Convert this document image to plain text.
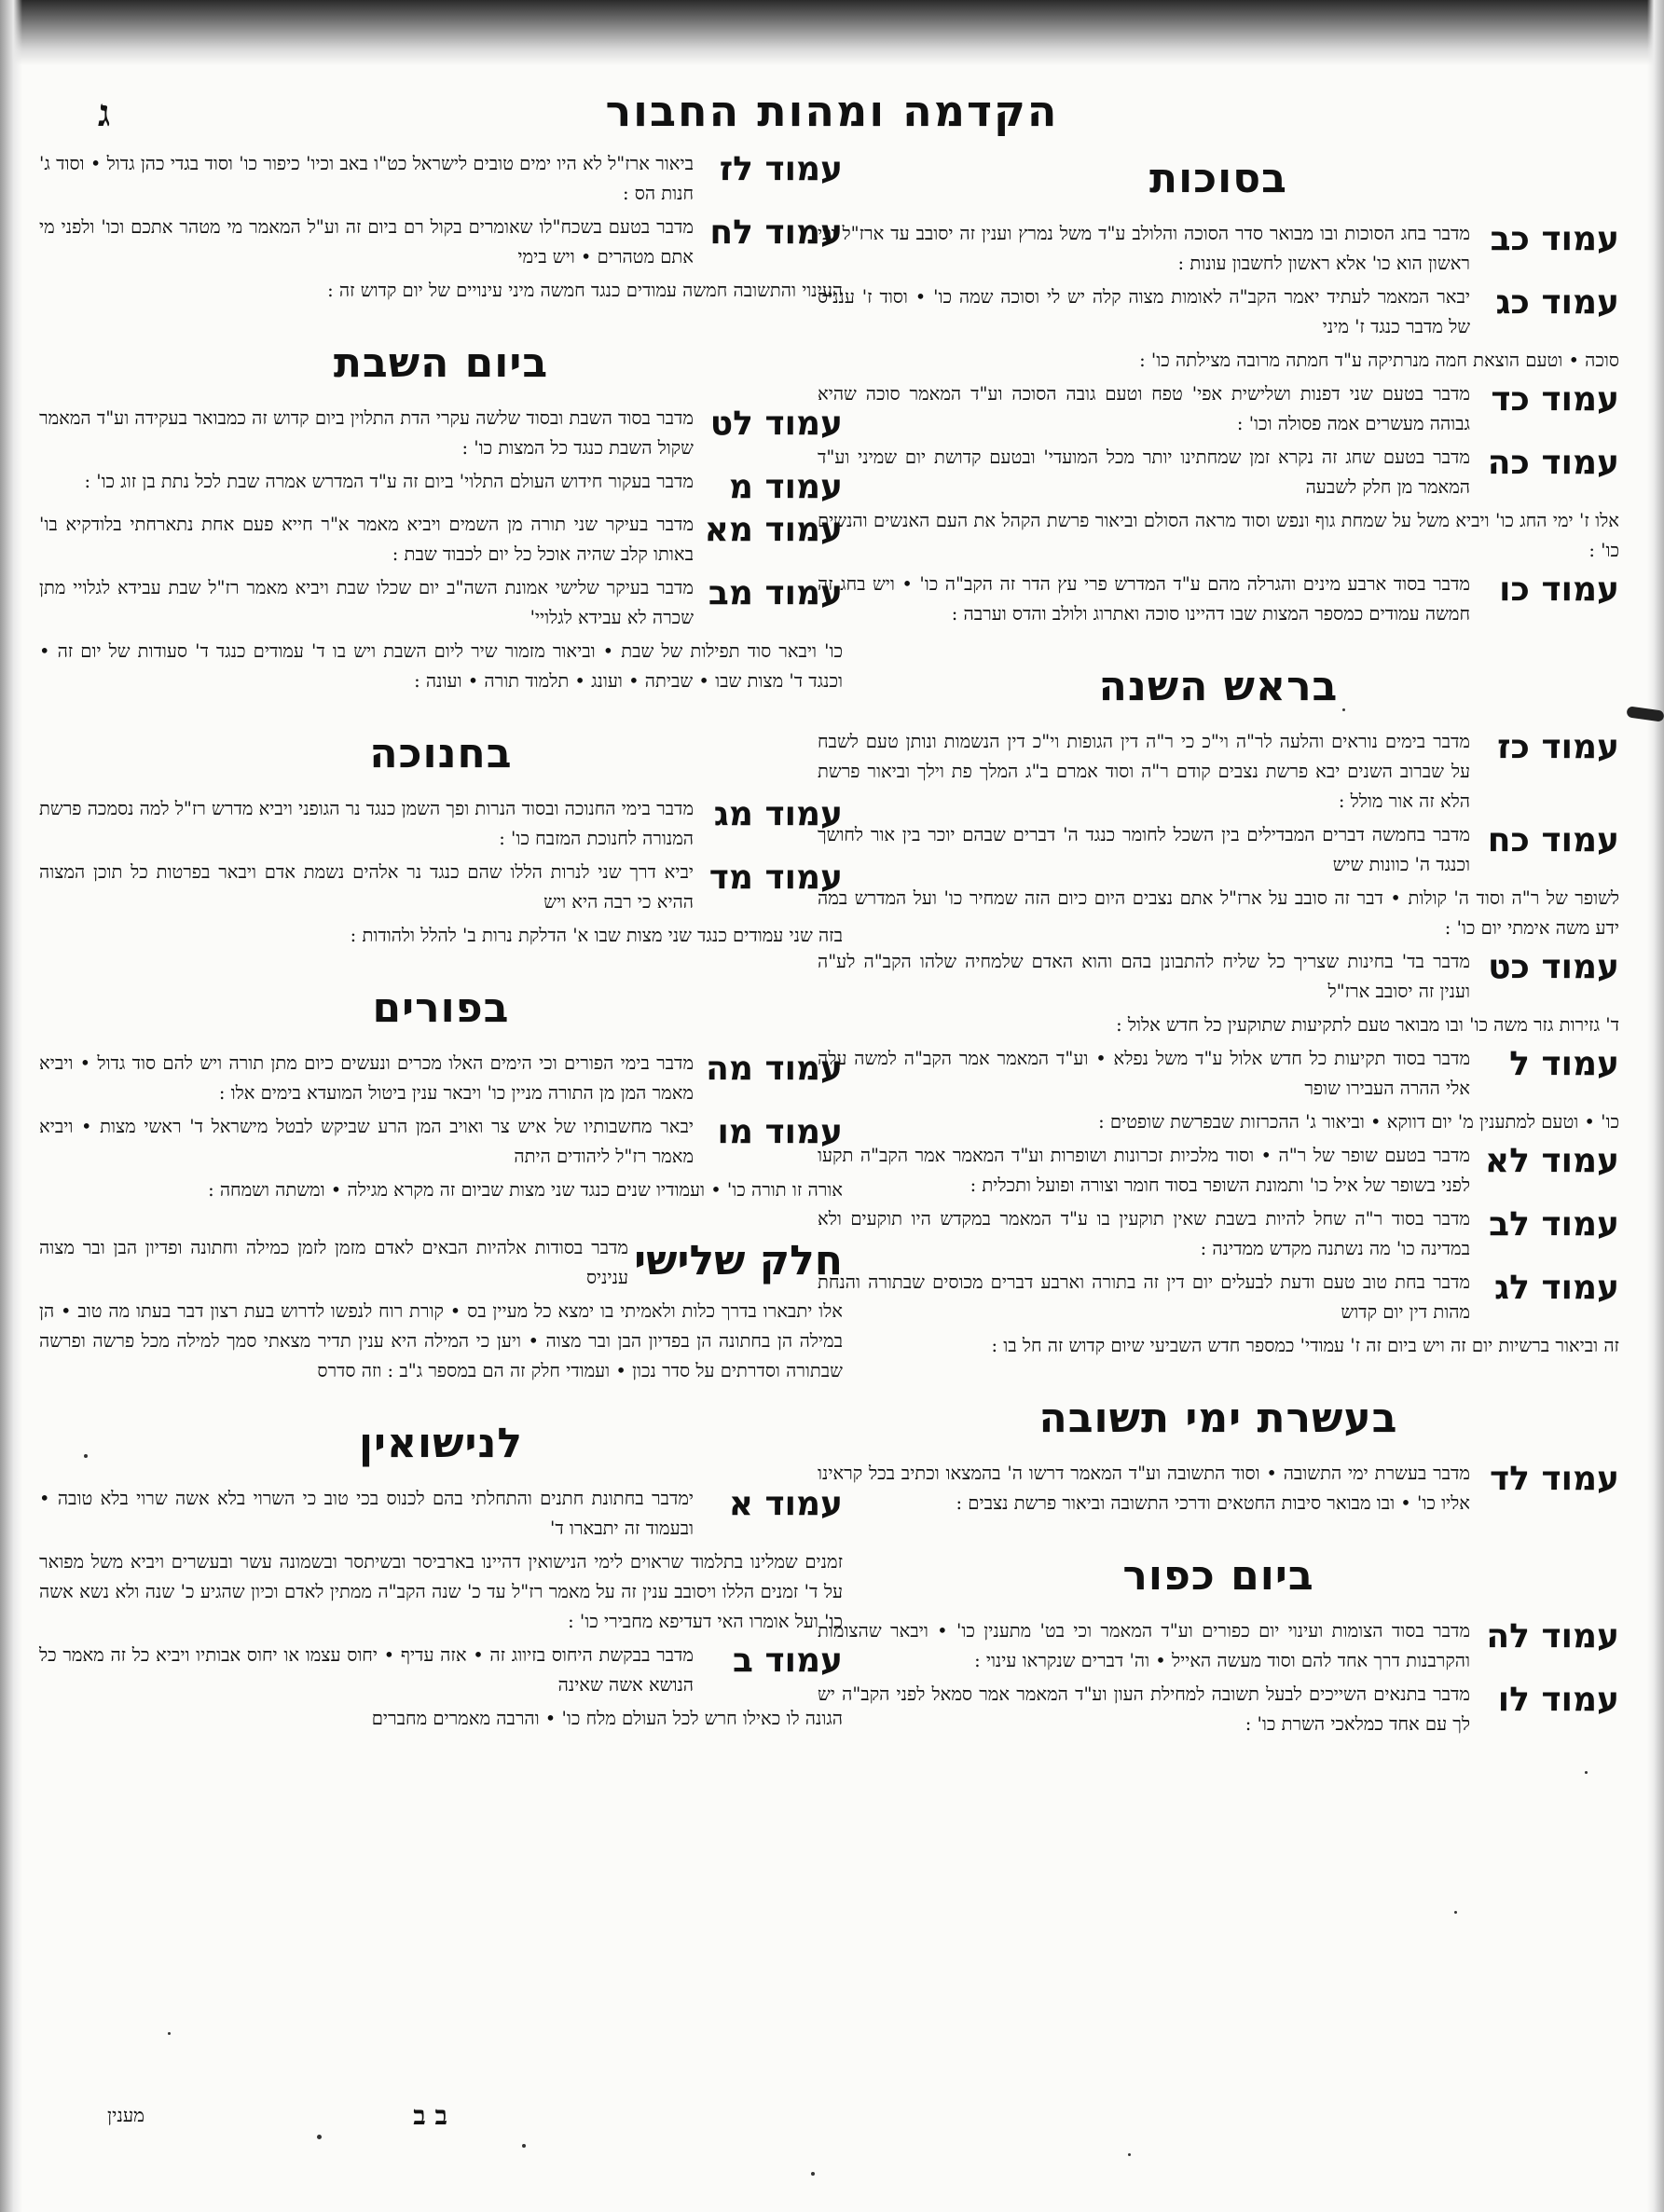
הקדמה ומהות החבור
ג
בסוכות
עמוד כב
מדבר בחג הסוכות ובו מבואר סדר הסוכה והלולב ע"ד משל נמרץ וענין זה יסובב עד ארז"ל וכי ראשון הוא כו' אלא ראשון לחשבון עונות :
עמוד כג
יבאר המאמר לעתיד יאמר הקב"ה לאומות מצוה קלה יש לי וסוכה שמה כו' • וסוד ז' ענניס של מדבר כנגד ז' מיני
סוכה • וטעם הוצאת חמה מנרתיקה ע"ד חמתה מרובה מצילתה כו' :
עמוד כד
מדבר בטעם שני דפנות ושלישית אפי' טפח וטעם גובה הסוכה וע"ד המאמר סוכה שהיא גבוהה מעשרים אמה פסולה וכו' :
עמוד כה
מדבר בטעם שחג זה נקרא זמן שמחתינו יותר מכל המועדי' ובטעם קדושת יום שמיני וע"ד המאמר מן חלק לשבעה
אלו ז' ימי החג כו' ויביא משל על שמחת גוף ונפש וסוד מראה הסולם וביאור פרשת הקהל את העם האנשים והנשים כו' :
עמוד כו
מדבר בסוד ארבע מינים והגרלה מהם ע"ד המדרש פרי עץ הדר זה הקב"ה כו' • ויש בחג זה חמשה עמודים כמספר המצות שבו דהיינו סוכה ואתרוג ולולב והדס וערבה :
בראש השנה
עמוד כז
מדבר בימים נוראים והלעה לר"ה וי"כ כי ר"ה דין הגופות וי"כ דין הנשמות ונותן טעם לשבח על שברוב השנים יבא פרשת נצבים קודם ר"ה וסוד אמרם ב"ג המלך פת וילך וביאור פרשת הלא זה אור מולל :
עמוד כח
מדבר בחמשה דברים המבדילים בין השכל לחומר כנגד ה' דברים שבהם יוכר בין אור לחושך וכנגד ה' כוונות שיש
לשופר של ר"ה וסוד ה' קולות • דבר זה סובב על ארז"ל אתם נצבים היום כיום הזה שמחיר כו' ועל המדרש במה ידע משה אימתי יום כו' :
עמוד כט
מדבר בד' בחינות שצריך כל שליח להתבונן בהם והוא האדם שלמחיה שלהו הקב"ה לע"ה וענין זה יסובב ארז"ל
ד' גזירות גזר משה כו' ובו מבואר טעם לתקיעות שתוקעין כל חדש אלול :
עמוד ל
מדבר בסוד תקיעות כל חדש אלול ע"ד משל נפלא • וע"ד המאמר אמר הקב"ה למשה עלה אלי ההרה העבירו שופר
כו' • וטעם למתענין מ' יום דווקא • וביאור ג' ההכרזות שבפרשת שופטים :
עמוד לא
מדבר בטעם שופר של ר"ה • וסוד מלכיות זכרונות ושופרות וע"ד המאמר אמר הקב"ה תקעו לפני בשופר של איל כו' ותמונת השופר בסוד חומר וצורה ופועל ותכלית :
עמוד לב
מדבר בסוד ר"ה שחל להיות בשבת שאין תוקעין בו ע"ד המאמר במקדש היו תוקעים ולא במדינה כו' מה נשתנה מקדש ממדינה :
עמוד לג
מדבר בחת טוב טעם ודעת לבעלים יום דין זה בתורה וארבע דברים מכוסים שבתורה והנחת מהות דין יום קדוש
זה וביאור ברשיות יום זה ויש ביום זה ז' עמודי' כמספר חדש השביעי שיום קדוש זה חל בו :
בעשרת ימי תשובה
עמוד לד
מדבר בעשרת ימי התשובה • וסוד התשובה וע"ד המאמר דרשו ה' בהמצאו וכתיב בכל קראינו אליו כו' • ובו מבואר סיבות החטאים ודרכי התשובה וביאור פרשת נצבים :
ביום כפור
עמוד לה
מדבר בסוד הצומות ועינוי יום כפורים וע"ד המאמר וכי בט' מתענין כו' • ויבאר שהצומות והקרבנות דרך אחד להם וסוד מעשה האייל • וה' דברים שנקראו עינוי :
עמוד לו
מדבר בתנאים השייכים לבעל תשובה למחילת העון וע"ד המאמר אמר סמאל לפני הקב"ה יש לך עם אחד כמלאכי השרת כו' :
עמוד לז
ביאור ארז"ל לא היו ימים טובים לישראל כט"ו באב וכיו' כיפור כו' וסוד בגדי כהן גדול • וסוד ג' חנות הס :
עמוד לח
מדבר בטעם בשכח"לו שאומרים בקול רם ביום זה וע"ל המאמר מי מטהר אתכם וכו' ולפני מי אתם מטהרים • ויש בימי
העינוי והתשובה חמשה עמודים כנגד חמשה מיני עינויים של יום קדוש זה :
ביום השבת
עמוד לט
מדבר בסוד השבת ובסוד שלשה עקרי הדת התלוין ביום קדוש זה כמבואר בעקידה וע"ד המאמר שקול השבת כנגד כל המצות כו' :
עמוד מ
מדבר בעקור חידוש העולם התלוי' ביום זה ע"ד המדרש אמרה שבת לכל נתת בן זוג כו' :
עמוד מא
מדבר בעיקר שני תורה מן השמים ויביא מאמר א"ר חייא פעם אחת נתארחתי בלודקיא בו' באותו קלב שהיה אוכל כל יום לכבוד שבת :
עמוד מב
מדבר בעיקר שלישי אמונת השה"ב יום שכלו שבת ויביא מאמר רז"ל שבת עבידא לגלויי מתן שכרה לא עבידא לגלויי'
כו' ויבאר סוד תפילות של שבת • וביאור מזמור שיר ליום השבת ויש בו ד' עמודים כנגד ד' סעודות של יום זה • וכנגד ד' מצות שבו • שביתה • ועונג • תלמוד תורה • ועונה :
בחנוכה
עמוד מג
מדבר בימי החנוכה ובסוד הנרות ופך השמן כנגד נר הגופני ויביא מדרש רז"ל למה נסמכה פרשת המנורה לחנוכת המזבח כו' :
עמוד מד
יביא דרך שני לנרות הללו שהם כנגד נר אלהים נשמת אדם ויבאר בפרטות כל תוכן המצוה ההיא כי רבה היא ויש
בזה שני עמודים כנגד שני מצות שבו א' הדלקת נרות ב' להלל ולהודות :
בפורים
עמוד מה
מדבר בימי הפורים וכי הימים האלו מכרים ונעשים כיום מתן תורה ויש להם סוד גדול • ויביא מאמר המן מן התורה מניין כו' ויבאר ענין ביטול המועדא בימים אלו :
עמוד מו
יבאר מחשבותיו של איש צר ואויב המן הרע שביקש לבטל מישראל ד' ראשי מצות • ויביא מאמר רז"ל ליהודים היתה
אורה זו תורה כו' • ועמודיו שנים כנגד שני מצות שביום זה מקרא מגילה • ומשתה ושמחה :
חלק שלישי
מדבר בסודות אלהיות הבאים לאדם מזמן לזמן כמילה וחתונה ופדיון הבן ובר מצוה עניניס
אלו יתבארו בדרך כלות ולאמיתי בו ימצא כל מעיין בס • קורת רוח לנפשו לדרוש בעת רצון דבר בעתו מה טוב • הן במילה הן בחתונה הן בפדיון הבן ובר מצוה • ויען כי המילה היא ענין תדיר מצאתי סמך למילה מכל פרשה ופרשה שבתורה וסדרתים על סדר נכון • ועמודי חלק זה הם במספר ג"ב : וזה סדרס
לנישואין
עמוד א
ימדבר בחתונת חתנים והתחלתי בהם לכנוס בכי טוב כי השרוי בלא אשה שרוי בלא טובה • ובעמוד זה יתבארו ד'
זמנים שמלינו בתלמוד שראוים לימי הנישואין דהיינו בארביסר ובשיתסר ובשמונה עשר ובעשרים ויביא משל מפואר על ד' זמנים הללו ויסובב ענין זה על מאמר רז"ל עד כ' שנה הקב"ה ממתין לאדם וכיון שהגיע כ' שנה ולא נשא אשה כו' ועל אומרו האי דעדיפא מחבירי כו' :
עמוד ב
מדבר בבקשת היחוס בזיווג זה • אזה עדיף • יחוס עצמו או יחוס אבותיו ויביא כל זה מאמר כל הנושא אשה שאינה
הגונה לו כאילו חרש לכל העולם מלח כו' • והרבה מאמרים מחברים
ב ב
מענין
